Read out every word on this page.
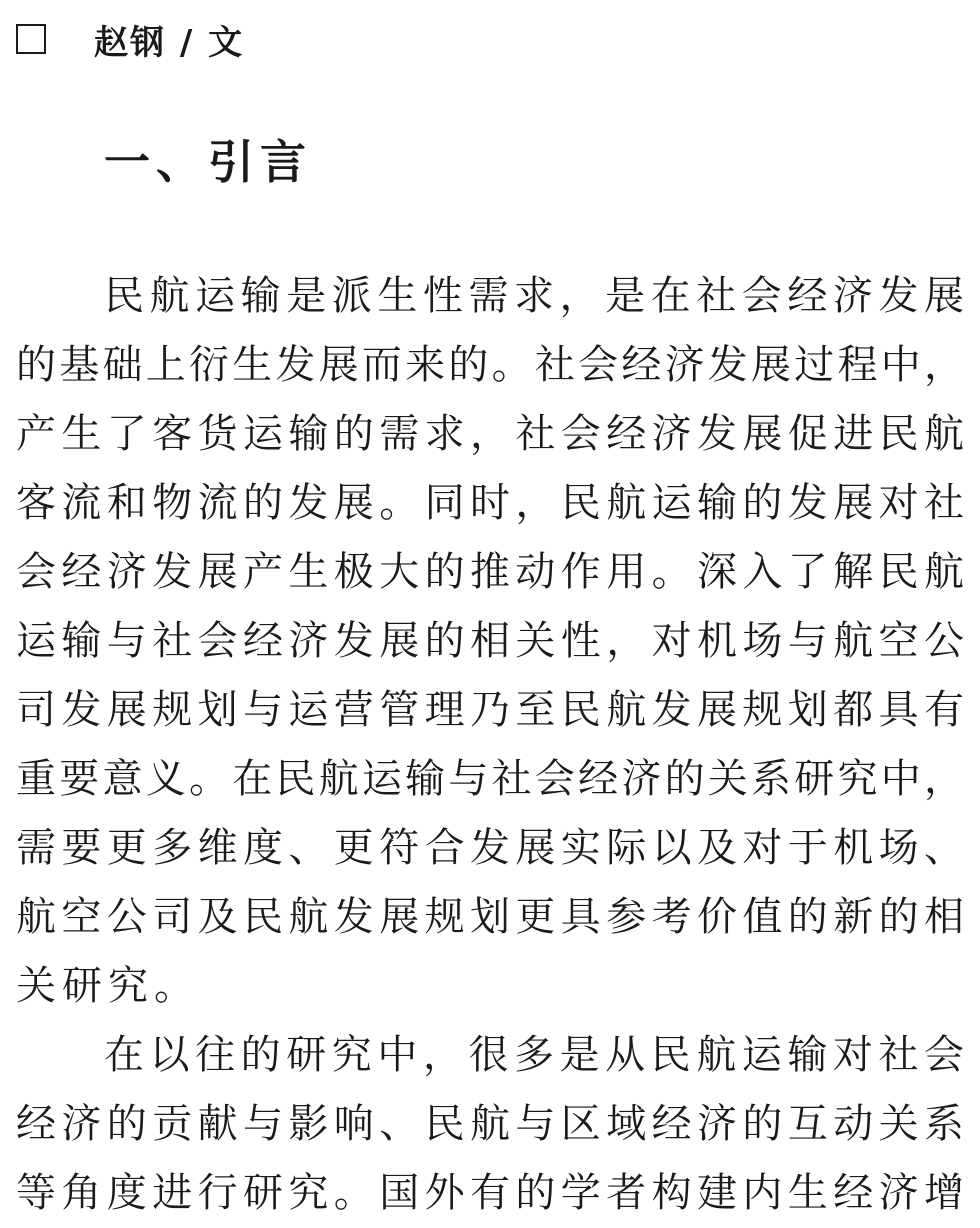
赵钢 / 文
一、引言
民航运输是派生性需求，是在社会经济发展
的基础上衍生发展而来的。社会经济发展过程中，
产生了客货运输的需求，社会经济发展促进民航
客流和物流的发展。同时，民航运输的发展对社
会经济发展产生极大的推动作用。深入了解民航
运输与社会经济发展的相关性，对机场与航空公
司发展规划与运营管理乃至民航发展规划都具有
重要意义。在民航运输与社会经济的关系研究中，
需要更多维度、更符合发展实际以及对于机场、
航空公司及民航发展规划更具参考价值的新的相
关研究。
在以往的研究中，很多是从民航运输对社会
经济的贡献与影响、民航与区域经济的互动关系
等角度进行研究。国外有的学者构建内生经济增
